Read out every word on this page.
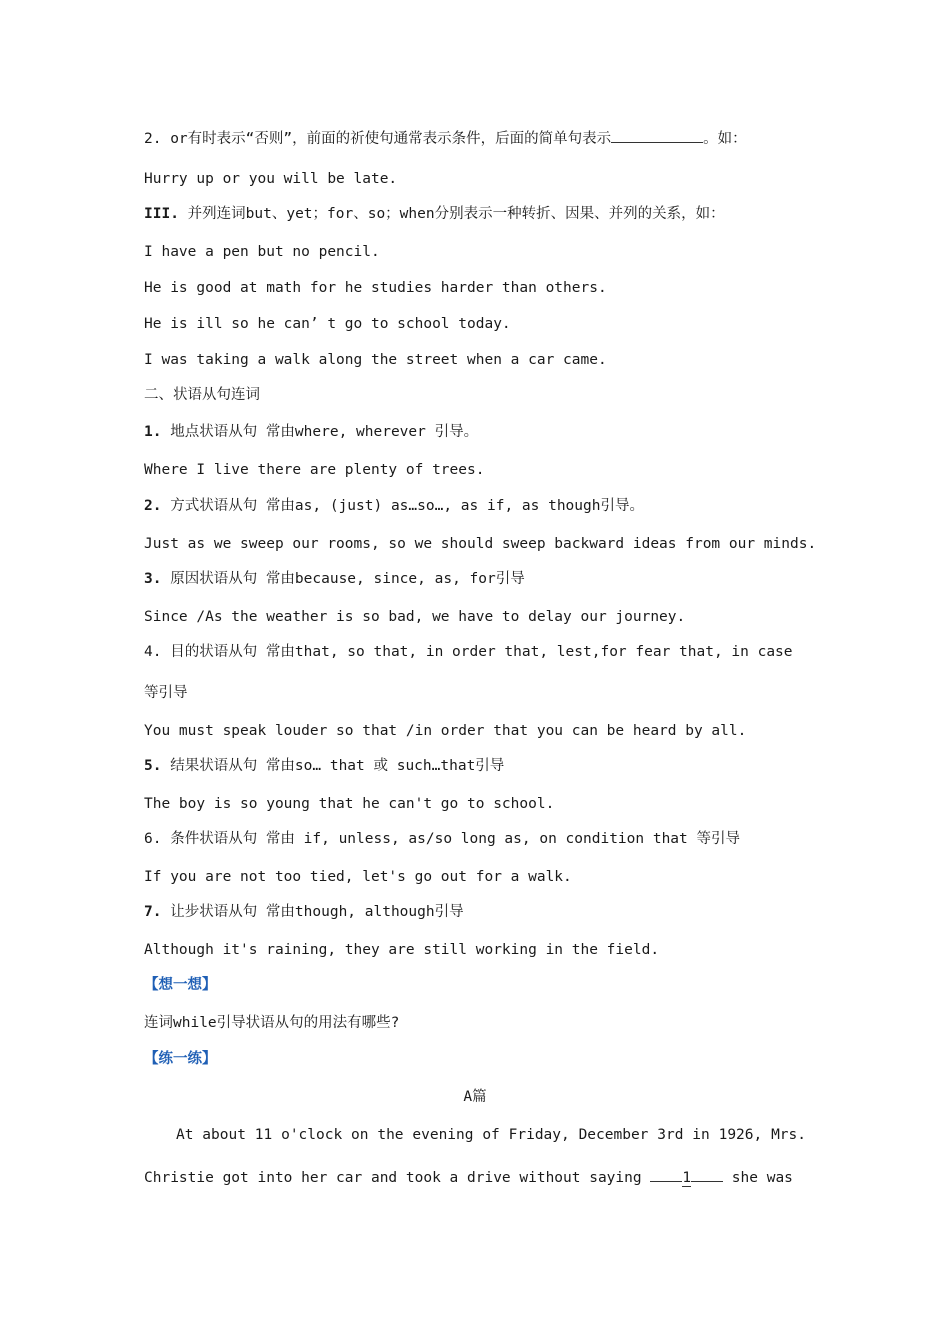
2. or有时表示“否则”，前面的祈使句通常表示条件，后面的简单句表示	。如：
Hurry up or you will be late.
III. 并列连词but、yet；for、so；when分别表示一种转折、因果、并列的关系，如：
I have a pen but no pencil.
He is good at math for he studies harder than others.
He is ill so he can’ t go to school today.
I was taking a walk along the street when a car came.
二、状语从句连词
1. 地点状语从句 常由where, wherever 引导。
Where I live there are plenty of trees.
2. 方式状语从句 常由as, (just) as…so…, as if, as though引导。
Just as we sweep our rooms, so we should sweep backward ideas from our minds.
3. 原因状语从句 常由because, since, as, for引导
Since /As the weather is so bad, we have to delay our journey.
4. 目的状语从句 常由that, so that, in order that, lest,for fear that, in case
等引导
You must speak louder so that /in order that you can be heard by all.
5. 结果状语从句 常由so… that 或 such…that引导
The boy is so young that he can't go to school.
6. 条件状语从句 常由 if, unless, as/so long as, on condition that 等引导
If you are not too tied, let's go out for a walk.
7. 让步状语从句 常由though, although引导
Although it's raining, they are still working in the field.
【想一想】
连词while引导状语从句的用法有哪些?
【练一练】
A篇
At about 11 o'clock on the evening of Friday, December 3rd in 1926, Mrs.
Christie got into her car and took a drive without saying 1 she was
